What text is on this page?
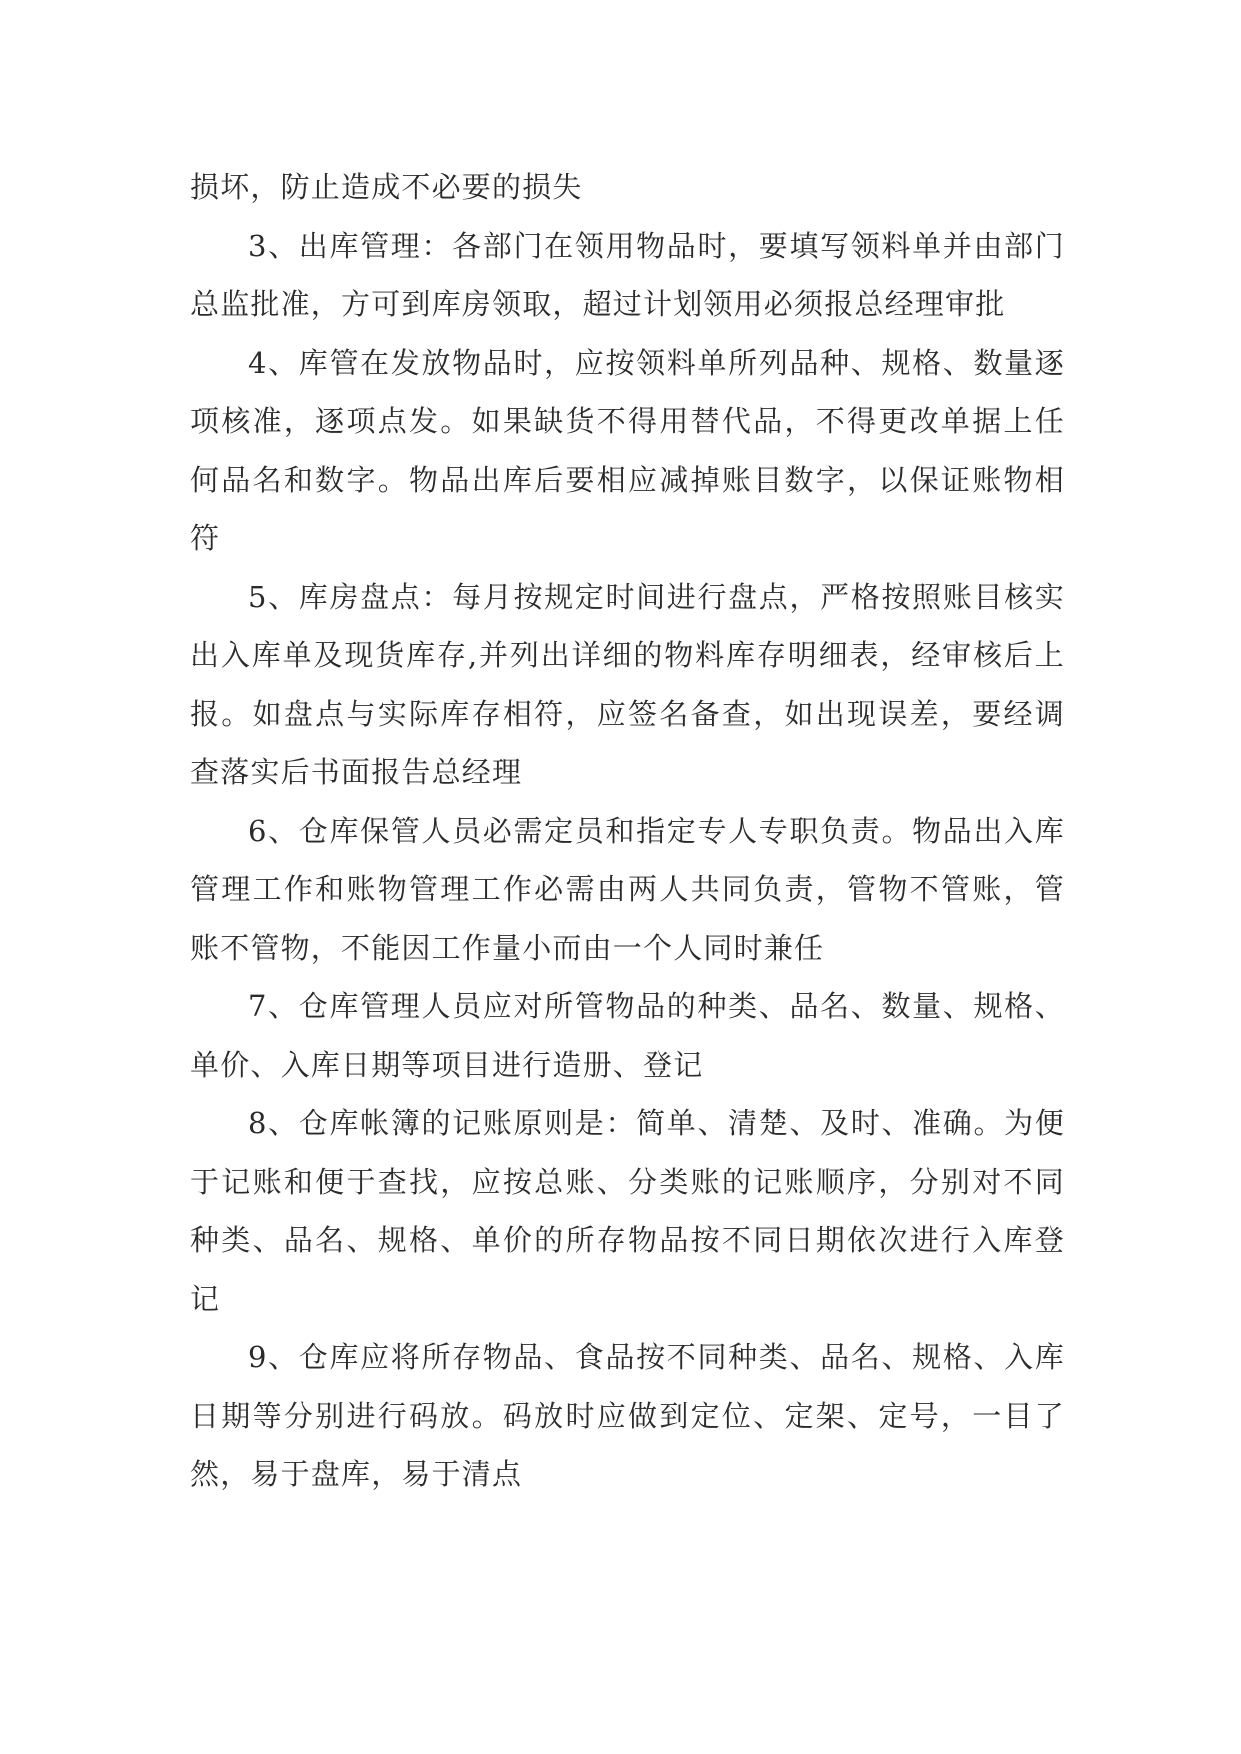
损坏，防止造成不必要的损失

3、出库管理：各部门在领用物品时，要填写领料单并由部门总监批准，方可到库房领取，超过计划领用必须报总经理审批

4、库管在发放物品时，应按领料单所列品种、规格、数量逐项核准，逐项点发。如果缺货不得用替代品，不得更改单据上任何品名和数字。物品出库后要相应减掉账目数字，以保证账物相符

5、库房盘点：每月按规定时间进行盘点，严格按照账目核实出入库单及现货库存,并列出详细的物料库存明细表，经审核后上报。如盘点与实际库存相符，应签名备查，如出现误差，要经调查落实后书面报告总经理

6、仓库保管人员必需定员和指定专人专职负责。物品出入库管理工作和账物管理工作必需由两人共同负责，管物不管账，管账不管物，不能因工作量小而由一个人同时兼任

7、仓库管理人员应对所管物品的种类、品名、数量、规格、单价、入库日期等项目进行造册、登记

8、仓库帐簿的记账原则是：简单、清楚、及时、准确。为便于记账和便于查找，应按总账、分类账的记账顺序，分别对不同种类、品名、规格、单价的所存物品按不同日期依次进行入库登记

9、仓库应将所存物品、食品按不同种类、品名、规格、入库日期等分别进行码放。码放时应做到定位、定架、定号，一目了然，易于盘库，易于清点
